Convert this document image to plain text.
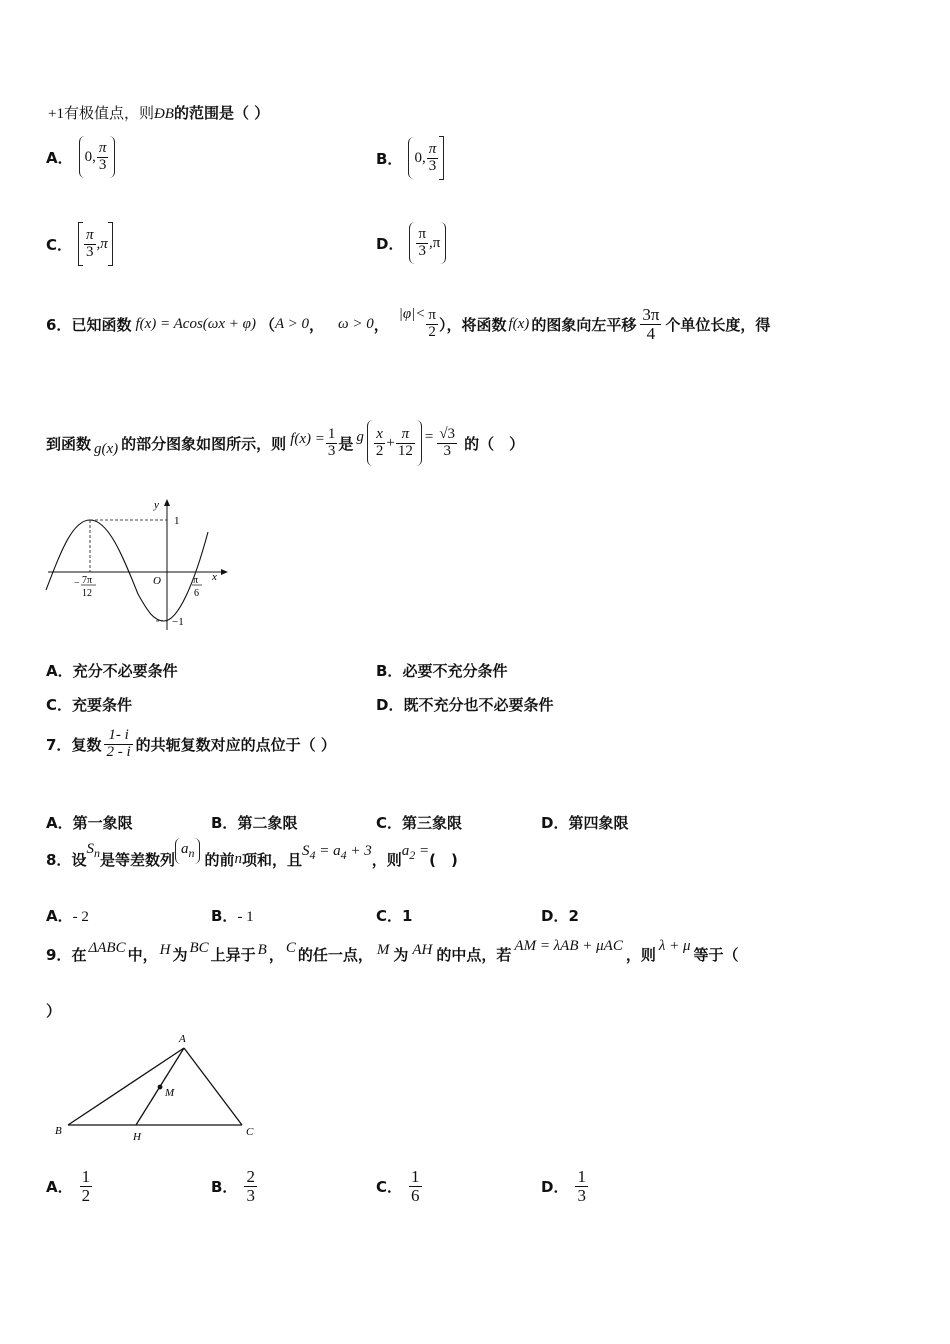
+1有极值点，则ÐB的范围是（ ）
A． 0, $\frac{\pi}{3}$	B． 0, $\frac{\pi}{3}$
C． $\frac{\pi}{3} ,\pi$	D． $\frac{\pi}{3} ,\pi$
6． 已知函数 f(x) = Acos(ωx + φ) （ A > 0 ， ω > 0 ，
$|\varphi|< \frac{\pi}{2}$ ），将函数 f(x) 的图象向左平移 $\frac{3\pi}{4}$ 个单位长度，得
到函数 g(x) 的部分图象如图所示，则 $f(x) = \frac{1}{3}$ 是 g $\frac{x}{2} + \frac{\pi}{12} = \frac{√3}{3}$ 的（　）
y
x
O
1
−1
− 7π
12
π
6
A．充分不必要条件	B．必要不充分条件
C．充要条件	D．既不充分也不必要条件
7． 复数 $\frac{1- i}{2 - i}$ 的共轭复数对应的点位于（ ）
A．第一象限	B．第二象限	C．第三象限	D．第四象限
8． 设
$S_n$ 是等差数列
$a_n$ 的前 n 项和，且 $S_4 = a_4 + 3$ ，则 $a_2$ = (　)
A．- 2	B．- 1	C．1	D．2
9． 在 ΔABC 中， H 为 BC 上异于 B ， C 的任一点， M 为 AH 的中点，若 AM = λAB + μAC ，则 λ + μ 等于（
）
A
B	C
H
M
A． $\frac{1}{2}$	B． $\frac{2}{3}$	C． $\frac{1}{6}$	D． $\frac{1}{3}$
